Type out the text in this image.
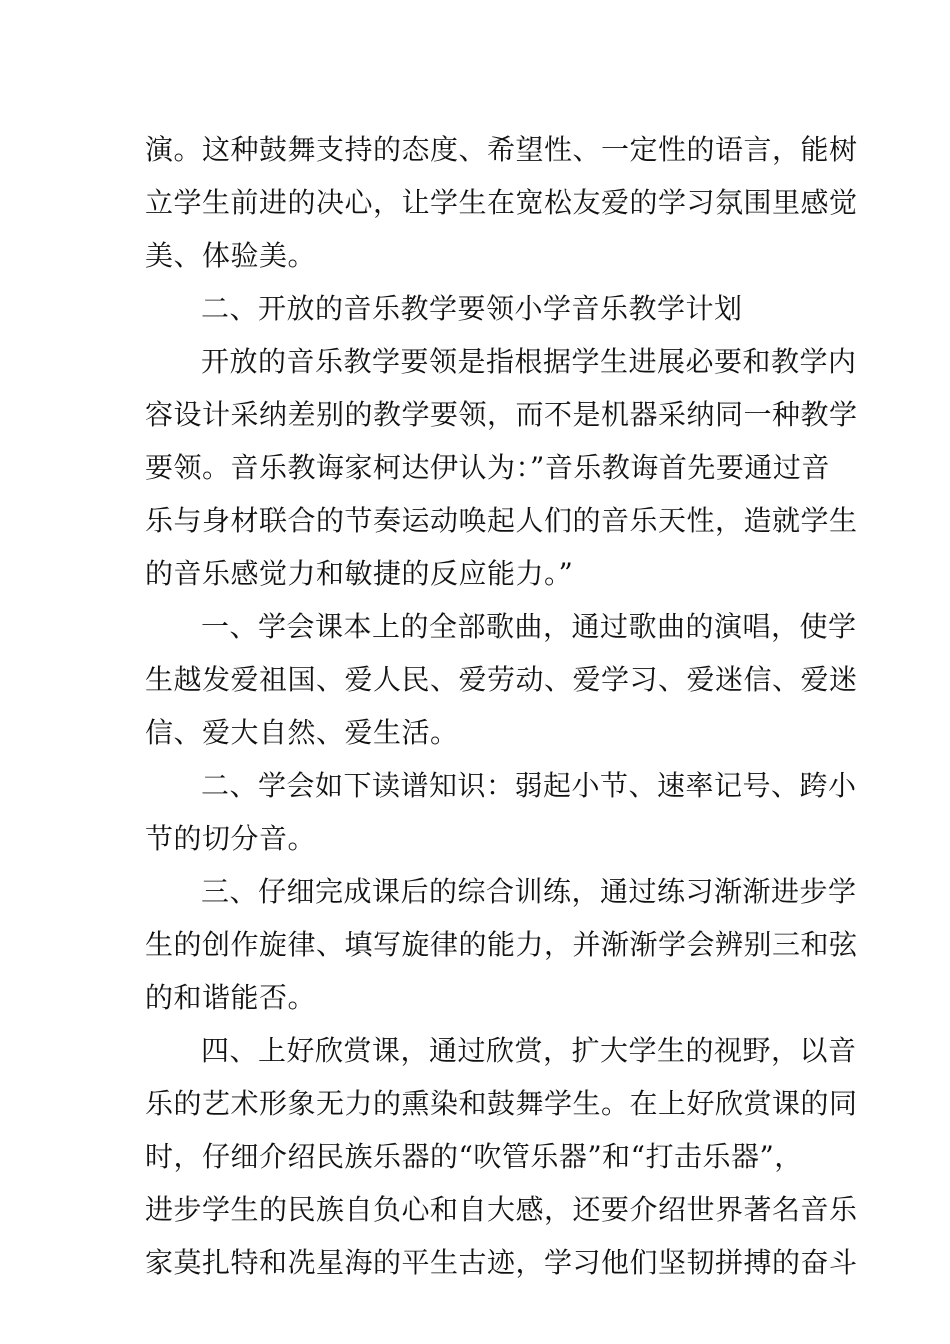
演。这种鼓舞支持的态度、希望性、一定性的语言，能树
立学生前进的决心，让学生在宽松友爱的学习氛围里感觉
美、体验美。
二、开放的音乐教学要领小学音乐教学计划
开放的音乐教学要领是指根据学生进展必要和教学内
容设计采纳差别的教学要领，而不是机器采纳同一种教学
要领。音乐教诲家柯达伊认为：”音乐教诲首先要通过音
乐与身材联合的节奏运动唤起人们的音乐天性，造就学生
的音乐感觉力和敏捷的反应能力。”
一、学会课本上的全部歌曲，通过歌曲的演唱，使学
生越发爱祖国、爱人民、爱劳动、爱学习、爱迷信、爱迷
信、爱大自然、爱生活。
二、学会如下读谱知识：弱起小节、速率记号、跨小
节的切分音。
三、仔细完成课后的综合训练，通过练习渐渐进步学
生的创作旋律、填写旋律的能力，并渐渐学会辨别三和弦
的和谐能否。
四、上好欣赏课，通过欣赏，扩大学生的视野，以音
乐的艺术形象无力的熏染和鼓舞学生。在上好欣赏课的同
时，仔细介绍民族乐器的“吹管乐器”和“打击乐器”，
进步学生的民族自负心和自大感，还要介绍世界著名音乐
家莫扎特和冼星海的平生古迹，学习他们坚韧拼搏的奋斗
